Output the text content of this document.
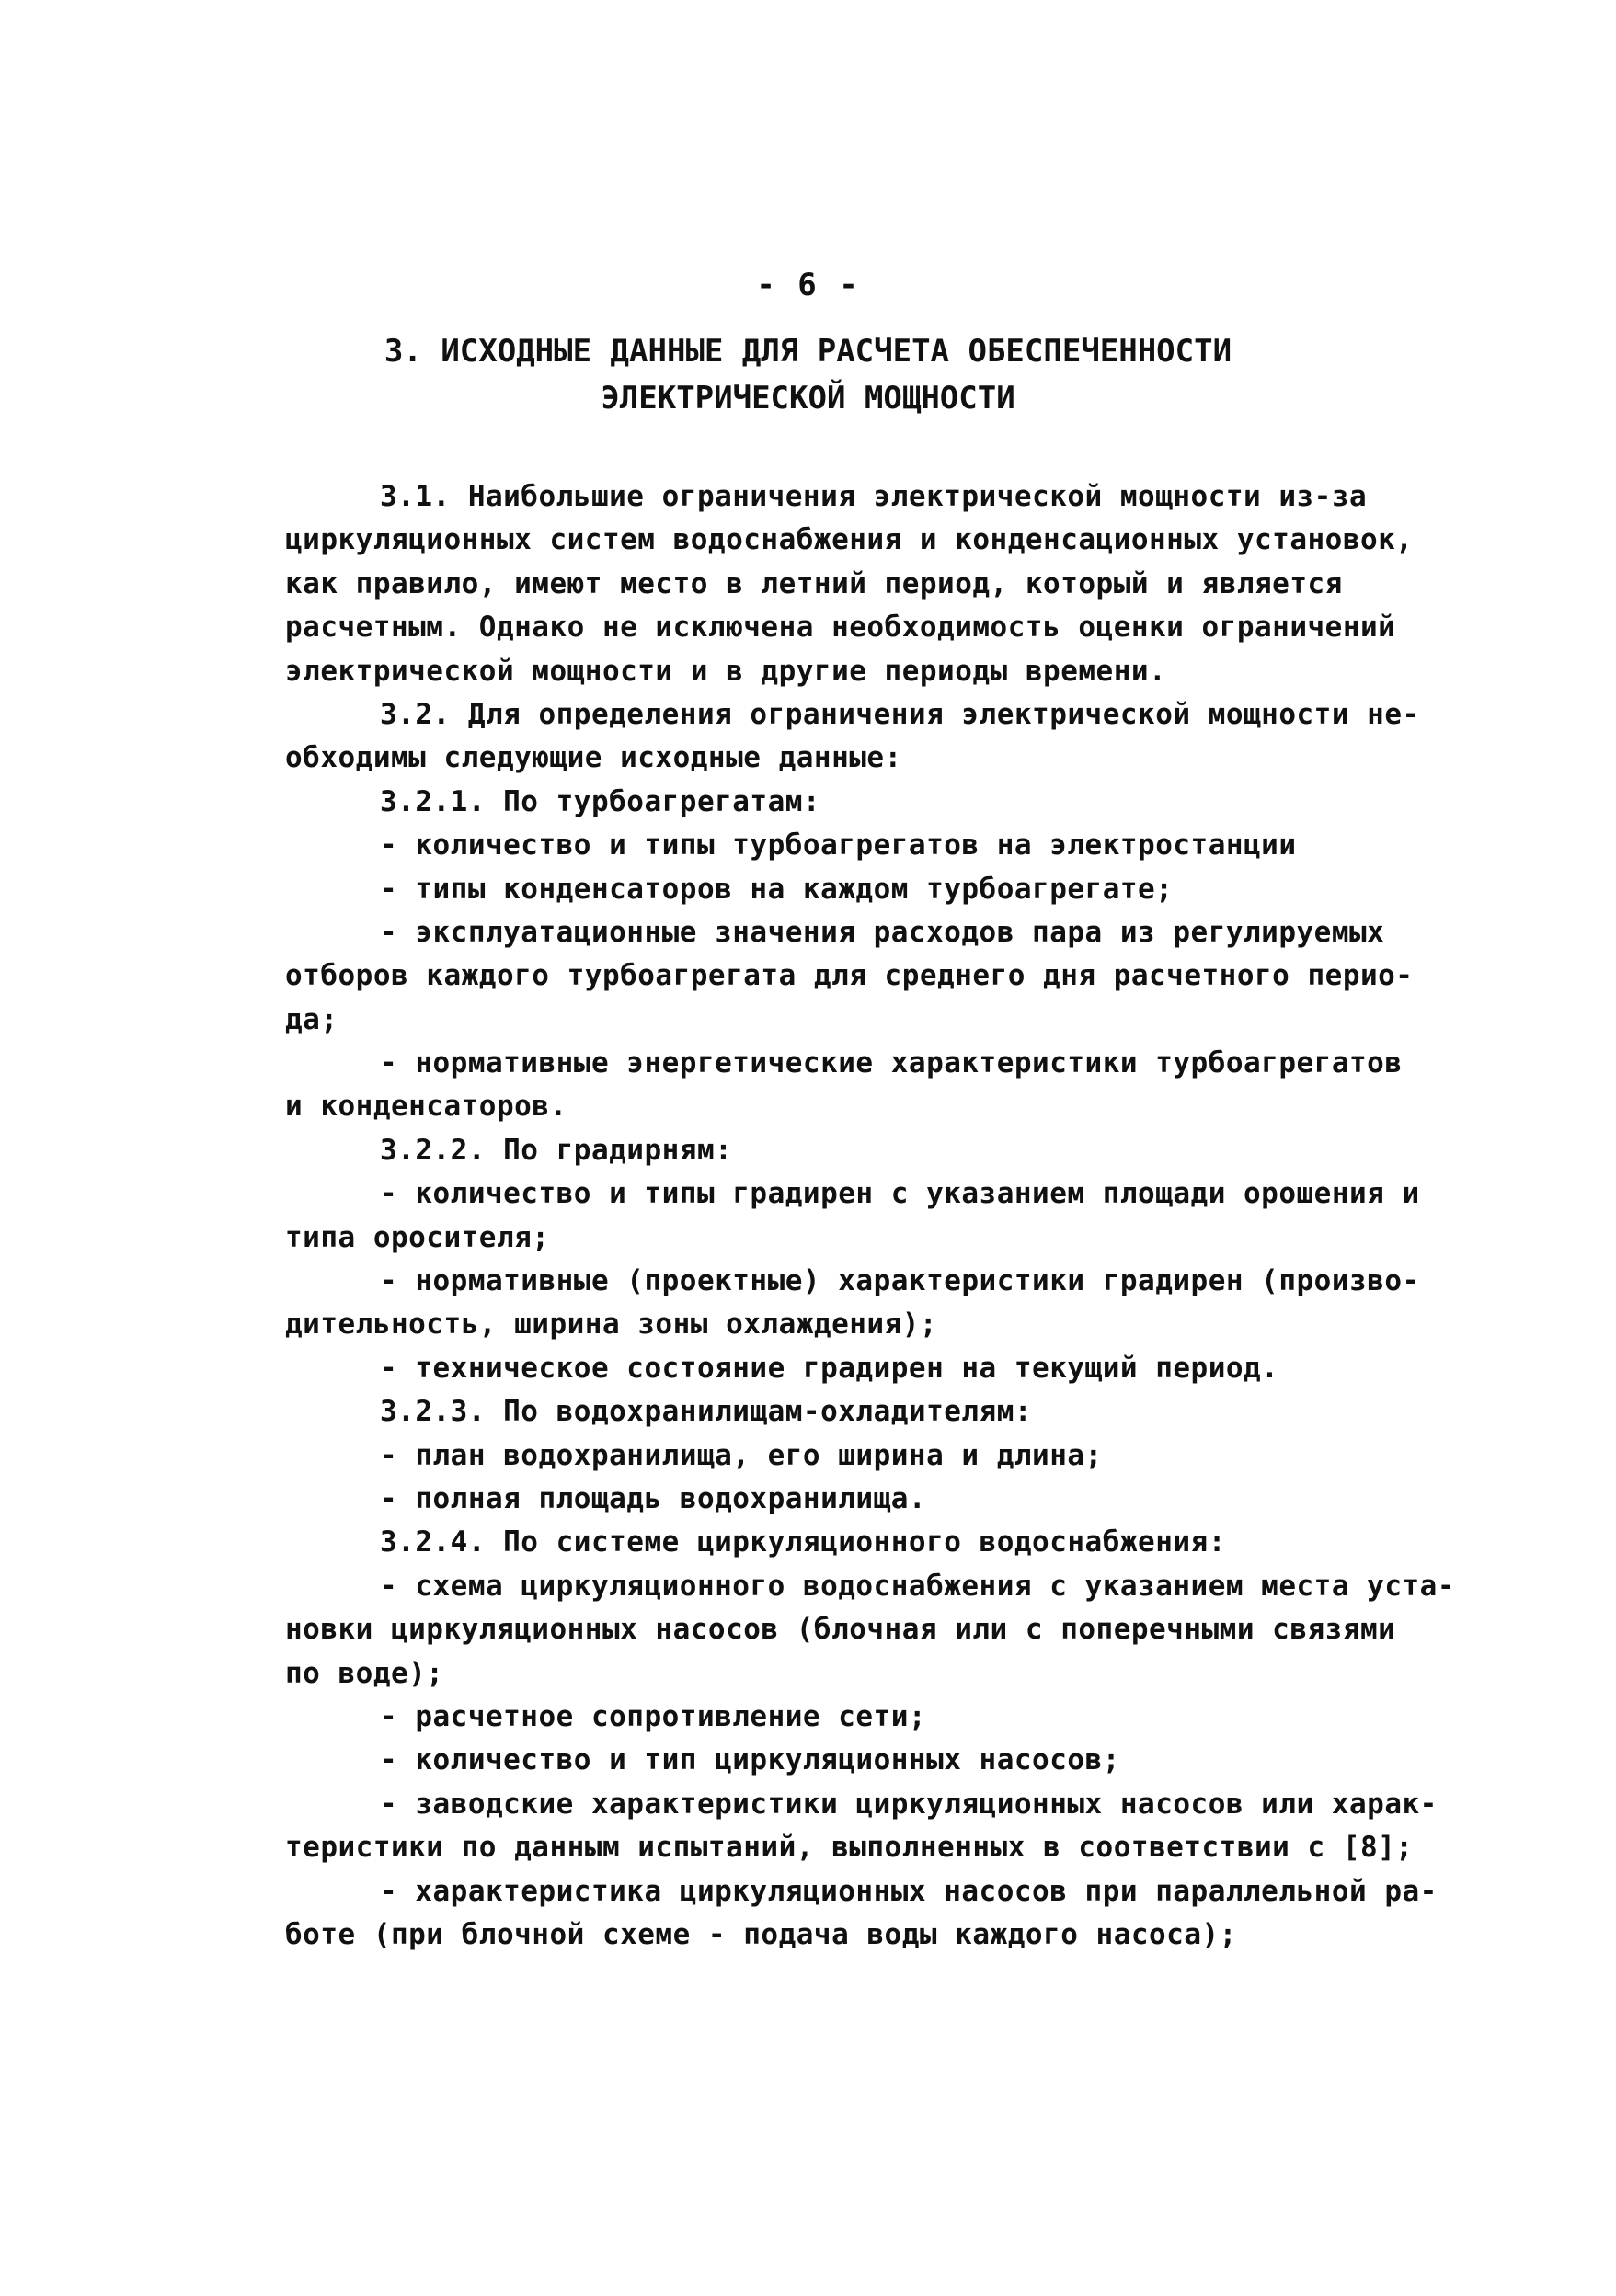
- 6 -
3. ИСХОДНЫЕ ДАННЫЕ ДЛЯ РАСЧЕТА ОБЕСПЕЧЕННОСТИ
ЭЛЕКТРИЧЕСКОЙ МОЩНОСТИ
3.1. Наибольшие ограничения электрической мощности из-за
циркуляционных систем водоснабжения и конденсационных установок,
как правило, имеют место в летний период, который и является
расчетным. Однако не исключена необходимость оценки ограничений
электрической мощности и в другие периоды времени.
3.2. Для определения ограничения электрической мощности не-
обходимы следующие исходные данные:
3.2.1. По турбоагрегатам:
- количество и типы турбоагрегатов на электростанции
- типы конденсаторов на каждом турбоагрегате;
- эксплуатационные значения расходов пара из регулируемых
отборов каждого турбоагрегата для среднего дня расчетного перио-
да;
- нормативные энергетические характеристики турбоагрегатов
и конденсаторов.
3.2.2. По градирням:
- количество и типы градирен с указанием площади орошения и
типа оросителя;
- нормативные (проектные) характеристики градирен (произво-
дительность, ширина зоны охлаждения);
- техническое состояние градирен на текущий период.
3.2.3. По водохранилищам-охладителям:
- план водохранилища, его ширина и длина;
- полная площадь водохранилища.
3.2.4. По системе циркуляционного водоснабжения:
- схема циркуляционного водоснабжения с указанием места уста-
новки циркуляционных насосов (блочная или с поперечными связями
по воде);
- расчетное сопротивление сети;
- количество и тип циркуляционных насосов;
- заводские характеристики циркуляционных насосов или харак-
теристики по данным испытаний, выполненных в соответствии с [8];
- характеристика циркуляционных насосов при параллельной ра-
боте (при блочной схеме - подача воды каждого насоса);
